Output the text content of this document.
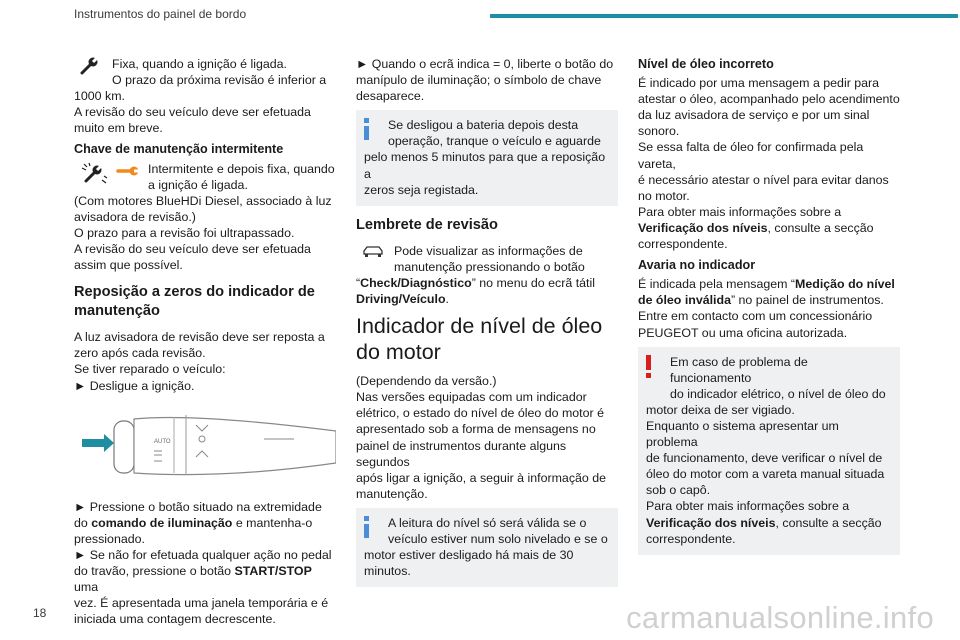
Instrumentos do painel de bordo

Fixa, quando a ignição é ligada.
O prazo da próxima revisão é inferior a
1000 km.
A revisão do seu veículo deve ser efetuada
muito em breve.

Chave de manutenção intermitente

Intermitente e depois fixa, quando
a ignição é ligada.
(Com motores BlueHDi Diesel, associado à luz
avisadora de revisão.)
O prazo para a revisão foi ultrapassado.
A revisão do seu veículo deve ser efetuada
assim que possível.

Reposição a zeros do indicador de manutenção

A luz avisadora de revisão deve ser reposta a
zero após cada revisão.
Se tiver reparado o veículo:
► Desligue a ignição.

AUTO

► Pressione o botão situado na extremidade
do comando de iluminação e mantenha-o
pressionado.
► Se não for efetuada qualquer ação no pedal
do travão, pressione o botão START/STOP uma
vez. É apresentada uma janela temporária e é
iniciada uma contagem decrescente.

► Quando o ecrã indica = 0, liberte o botão do
manípulo de iluminação; o símbolo de chave
desaparece.

Se desligou a bateria depois desta
operação, tranque o veículo e aguarde
pelo menos 5 minutos para que a reposição a
zeros seja registada.
Lembrete de revisão

Pode visualizar as informações de
manutenção pressionando o botão
“Check/Diagnóstico” no menu do ecrã tátil
Driving/Veículo.

Indicador de nível de óleo
do motor

(Dependendo da versão.)
Nas versões equipadas com um indicador
elétrico, o estado do nível de óleo do motor é
apresentado sob a forma de mensagens no
painel de instrumentos durante alguns segundos
após ligar a ignição, a seguir à informação de
manutenção.

A leitura do nível só será válida se o
veículo estiver num solo nivelado e se o
motor estiver desligado há mais de 30
minutos.
Nível de óleo incorreto

É indicado por uma mensagem a pedir para
atestar o óleo, acompanhado pelo acendimento
da luz avisadora de serviço e por um sinal
sonoro.
Se essa falta de óleo for confirmada pela vareta,
é necessário atestar o nível para evitar danos
no motor.
Para obter mais informações sobre a
Verificação dos níveis, consulte a secção
correspondente.

Avaria no indicador

É indicada pela mensagem “Medição do nível
de óleo inválida” no painel de instrumentos.
Entre em contacto com um concessionário
PEUGEOT ou uma oficina autorizada.

Em caso de problema de funcionamento
do indicador elétrico, o nível de óleo do
motor deixa de ser vigiado.
Enquanto o sistema apresentar um problema
de funcionamento, deve verificar o nível de
óleo do motor com a vareta manual situada
sob o capô.
Para obter mais informações sobre a
Verificação dos níveis, consulte a secção
correspondente.
18	carmanualsonline.info
